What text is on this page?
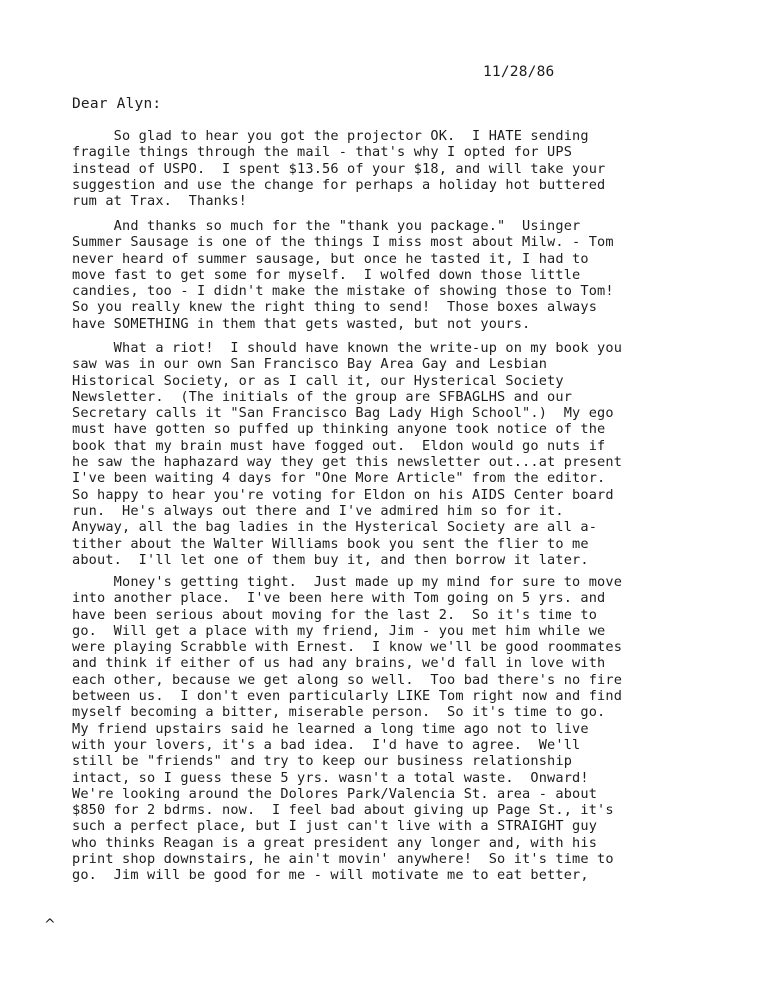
11/28/86
Dear Alyn:
So glad to hear you got the projector OK.  I HATE sending
fragile things through the mail - that's why I opted for UPS
instead of USPO.  I spent $13.56 of your $18, and will take your
suggestion and use the change for perhaps a holiday hot buttered
rum at Trax.  Thanks!
And thanks so much for the "thank you package."  Usinger
Summer Sausage is one of the things I miss most about Milw. - Tom
never heard of summer sausage, but once he tasted it, I had to
move fast to get some for myself.  I wolfed down those little
candies, too - I didn't make the mistake of showing those to Tom!
So you really knew the right thing to send!  Those boxes always
have SOMETHING in them that gets wasted, but not yours.
What a riot!  I should have known the write-up on my book you
saw was in our own San Francisco Bay Area Gay and Lesbian
Historical Society, or as I call it, our Hysterical Society
Newsletter.  (The initials of the group are SFBAGLHS and our
Secretary calls it "San Francisco Bag Lady High School".)  My ego
must have gotten so puffed up thinking anyone took notice of the
book that my brain must have fogged out.  Eldon would go nuts if
he saw the haphazard way they get this newsletter out...at present
I've been waiting 4 days for "One More Article" from the editor.
So happy to hear you're voting for Eldon on his AIDS Center board
run.  He's always out there and I've admired him so for it.
Anyway, all the bag ladies in the Hysterical Society are all a-
tither about the Walter Williams book you sent the flier to me
about.  I'll let one of them buy it, and then borrow it later.
Money's getting tight.  Just made up my mind for sure to move
into another place.  I've been here with Tom going on 5 yrs. and
have been serious about moving for the last 2.  So it's time to
go.  Will get a place with my friend, Jim - you met him while we
were playing Scrabble with Ernest.  I know we'll be good roommates
and think if either of us had any brains, we'd fall in love with
each other, because we get along so well.  Too bad there's no fire
between us.  I don't even particularly LIKE Tom right now and find
myself becoming a bitter, miserable person.  So it's time to go.
My friend upstairs said he learned a long time ago not to live
with your lovers, it's a bad idea.  I'd have to agree.  We'll
still be "friends" and try to keep our business relationship
intact, so I guess these 5 yrs. wasn't a total waste.  Onward!
We're looking around the Dolores Park/Valencia St. area - about
$850 for 2 bdrms. now.  I feel bad about giving up Page St., it's
such a perfect place, but I just can't live with a STRAIGHT guy
who thinks Reagan is a great president any longer and, with his
print shop downstairs, he ain't movin' anywhere!  So it's time to
go.  Jim will be good for me - will motivate me to eat better,
^
